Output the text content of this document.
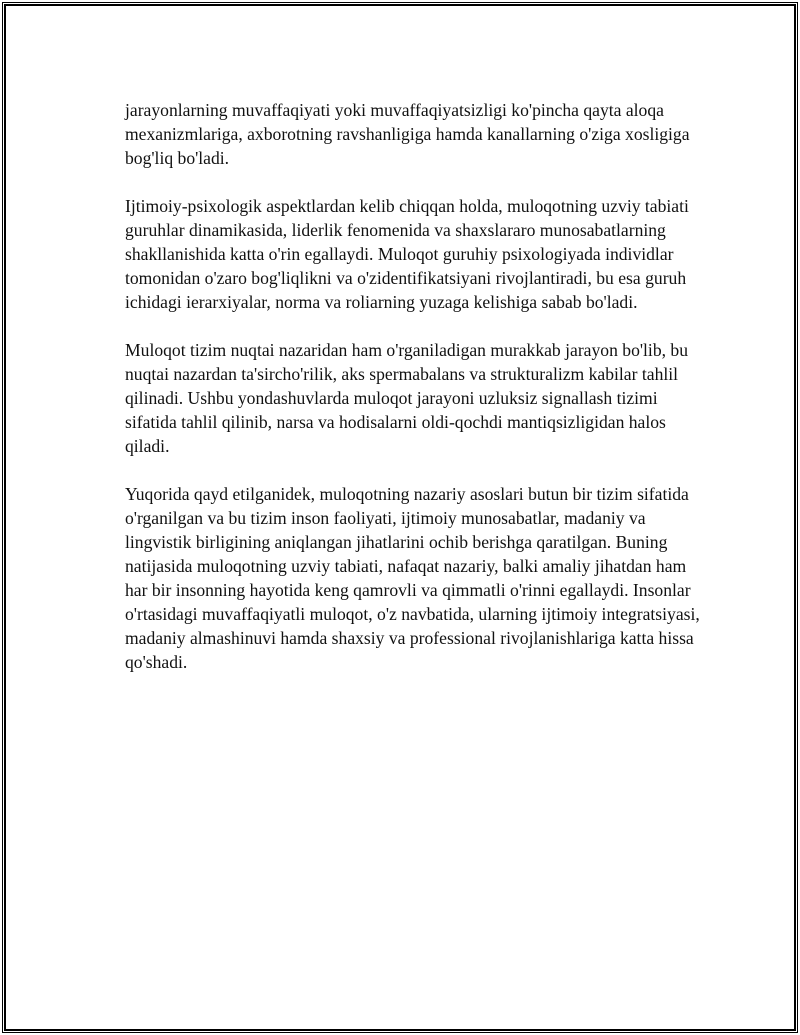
jarayonlarning muvaffaqiyati yoki muvaffaqiyatsizligi ko'pincha qayta aloqa mexanizmlariga, axborotning ravshanligiga hamda kanallarning o'ziga xosligiga bog'liq bo'ladi.

Ijtimoiy-psixologik aspektlardan kelib chiqqan holda, muloqotning uzviy tabiati guruhlar dinamikasida, liderlik fenomenida va shaxslararo munosabatlarning shakllanishida katta o'rin egallaydi. Muloqot guruhiy psixologiyada individlar tomonidan o'zaro bog'liqlikni va o'zidentifikatsiyani rivojlantiradi, bu esa guruh ichidagi ierarxiyalar, norma va roliarning yuzaga kelishiga sabab bo'ladi.

Muloqot tizim nuqtai nazaridan ham o'rganiladigan murakkab jarayon bo'lib, bu nuqtai nazardan ta'sircho'rilik, aks spermabalans va strukturalizm kabilar tahlil qilinadi. Ushbu yondashuvlarda muloqot jarayoni uzluksiz signallash tizimi sifatida tahlil qilinib, narsa va hodisalarni oldi-qochdi mantiqsizligidan halos qiladi.

Yuqorida qayd etilganidek, muloqotning nazariy asoslari butun bir tizim sifatida o'rganilgan va bu tizim inson faoliyati, ijtimoiy munosabatlar, madaniy va lingvistik birligining aniqlangan jihatlarini ochib berishga qaratilgan. Buning natijasida muloqotning uzviy tabiati, nafaqat nazariy, balki amaliy jihatdan ham har bir insonning hayotida keng qamrovli va qimmatli o'rinni egallaydi. Insonlar o'rtasidagi muvaffaqiyatli muloqot, o'z navbatida, ularning ijtimoiy integratsiyasi, madaniy almashinuvi hamda shaxsiy va professional rivojlanishlariga katta hissa qo'shadi.
